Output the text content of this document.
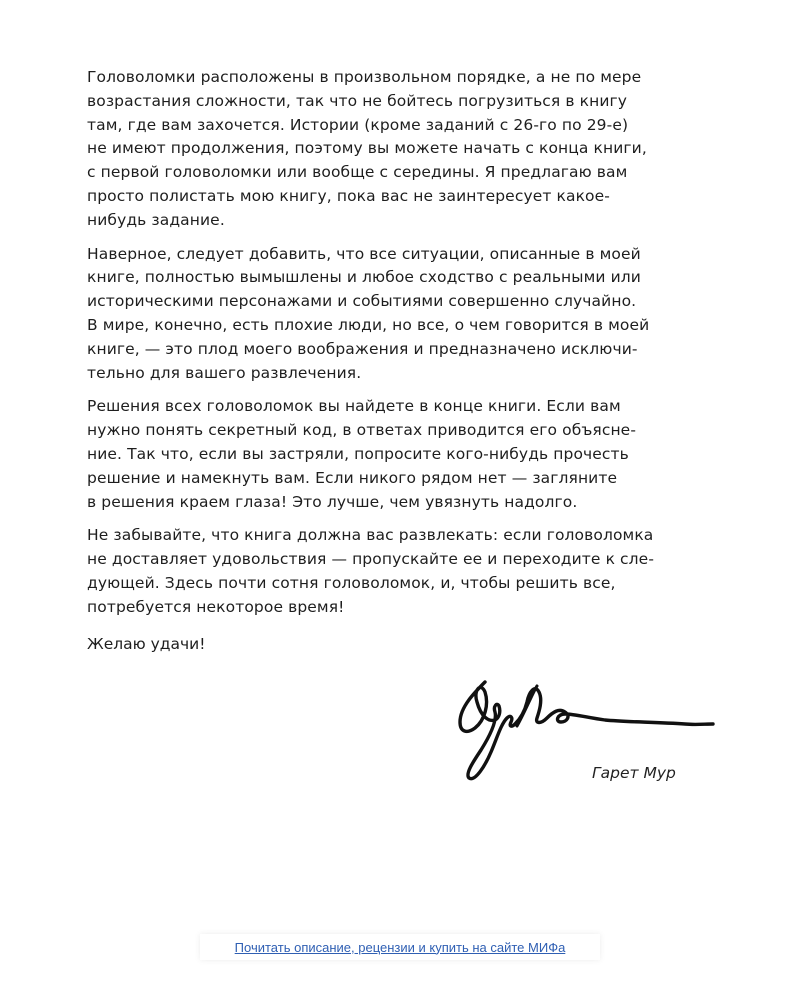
Головоломки расположены в произвольном порядке, а не по мере
возрастания сложности, так что не бойтесь погрузиться в книгу
там, где вам захочется. Истории (кроме заданий с 26-го по 29-е)
не имеют продолжения, поэтому вы можете начать с конца книги,
с первой головоломки или вообще с середины. Я предлагаю вам
просто полистать мою книгу, пока вас не заинтересует какое-
нибудь задание.

Наверное, следует добавить, что все ситуации, описанные в моей
книге, полностью вымышлены и любое сходство с реальными или
историческими персонажами и событиями совершенно случайно.
В мире, конечно, есть плохие люди, но все, о чем говорится в моей
книге, — это плод моего воображения и предназначено исключи-
тельно для вашего развлечения.

Решения всех головоломок вы найдете в конце книги. Если вам
нужно понять секретный код, в ответах приводится его объясне-
ние. Так что, если вы застряли, попросите кого-нибудь прочесть
решение и намекнуть вам. Если никого рядом нет — загляните
в решения краем глаза! Это лучше, чем увязнуть надолго.

Не забывайте, что книга должна вас развлекать: если головоломка
не доставляет удовольствия — пропускайте ее и переходите к сле-
дующей. Здесь почти сотня головоломок, и, чтобы решить все,
потребуется некоторое время!

Желаю удачи!
Гарет Мур
Почитать описание, рецензии и купить на сайте МИФа
